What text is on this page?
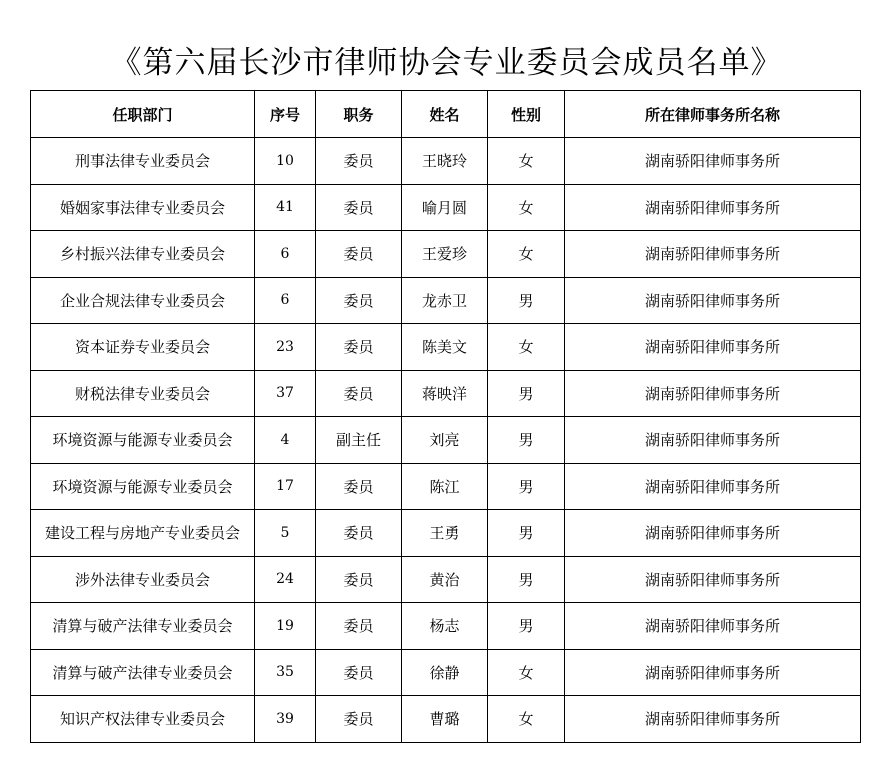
《第六届长沙市律师协会专业委员会成员名单》
任职部门	序号	职务	姓名	性别	所在律师事务所名称
刑事法律专业委员会	10	委员	王晓玲	女	湖南骄阳律师事务所
婚姻家事法律专业委员会	41	委员	喻月圆	女	湖南骄阳律师事务所
乡村振兴法律专业委员会	6	委员	王爱珍	女	湖南骄阳律师事务所
企业合规法律专业委员会	6	委员	龙赤卫	男	湖南骄阳律师事务所
资本证券专业委员会	23	委员	陈美文	女	湖南骄阳律师事务所
财税法律专业委员会	37	委员	蒋映洋	男	湖南骄阳律师事务所
环境资源与能源专业委员会	4	副主任	刘亮	男	湖南骄阳律师事务所
环境资源与能源专业委员会	17	委员	陈江	男	湖南骄阳律师事务所
建设工程与房地产专业委员会	5	委员	王勇	男	湖南骄阳律师事务所
涉外法律专业委员会	24	委员	黄治	男	湖南骄阳律师事务所
清算与破产法律专业委员会	19	委员	杨志	男	湖南骄阳律师事务所
清算与破产法律专业委员会	35	委员	徐静	女	湖南骄阳律师事务所
知识产权法律专业委员会	39	委员	曹璐	女	湖南骄阳律师事务所
